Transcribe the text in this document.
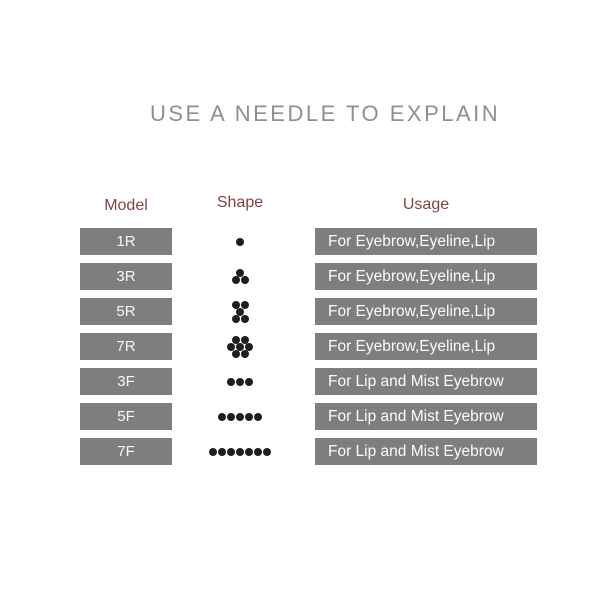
USE A NEEDLE TO EXPLAIN
Model	Shape	Usage
1R	For Eyebrow,Eyeline,Lip
3R	For Eyebrow,Eyeline,Lip
5R	For Eyebrow,Eyeline,Lip
7R	For Eyebrow,Eyeline,Lip
3F	For Lip and Mist Eyebrow
5F	For Lip and Mist Eyebrow
7F	For Lip and Mist Eyebrow
